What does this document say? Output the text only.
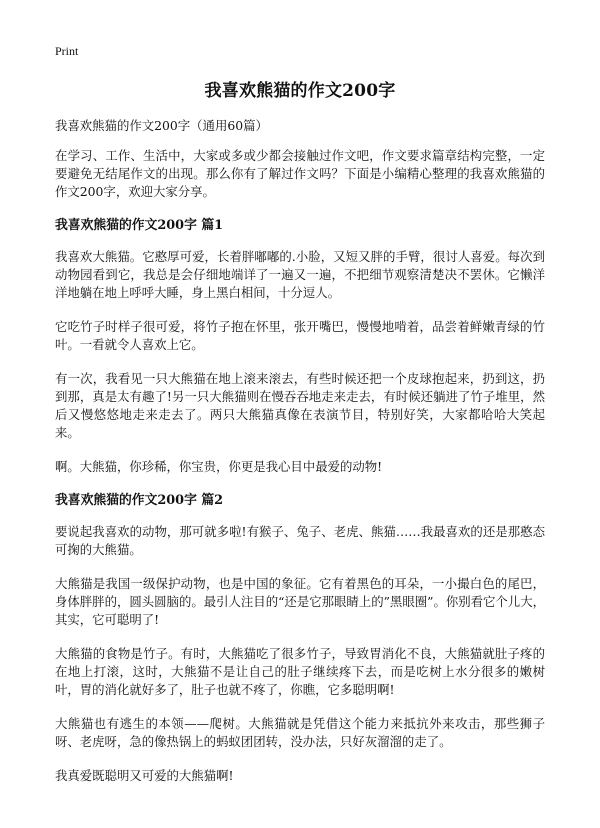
Print
我喜欢熊猫的作文200字
我喜欢熊猫的作文200字（通用60篇）

在学习、工作、生活中，大家或多或少都会接触过作文吧，作文要求篇章结构完整，一定要避免无结尾作文的出现。那么你有了解过作文吗？下面是小编精心整理的我喜欢熊猫的作文200字，欢迎大家分享。

我喜欢熊猫的作文200字 篇1

我喜欢大熊猫。它憨厚可爱，长着胖嘟嘟的.小脸，又短又胖的手臂，很讨人喜爱。每次到动物园看到它，我总是会仔细地端详了一遍又一遍，不把细节观察清楚决不罢休。它懒洋洋地躺在地上呼呼大睡，身上黑白相间，十分逗人。

它吃竹子时样子很可爱，将竹子抱在怀里，张开嘴巴，慢慢地啃着，品尝着鲜嫩青绿的竹叶。一看就令人喜欢上它。

有一次，我看见一只大熊猫在地上滚来滚去，有些时候还把一个皮球抱起来，扔到这，扔到那，真是太有趣了!另一只大熊猫则在慢吞吞地走来走去，有时候还躺进了竹子堆里，然后又慢悠悠地走来走去了。两只大熊猫真像在表演节目，特别好笑，大家都哈哈大笑起来。

啊。大熊猫，你珍稀，你宝贵，你更是我心目中最爱的动物!

我喜欢熊猫的作文200字 篇2

要说起我喜欢的动物，那可就多啦!有猴子、兔子、老虎、熊猫……我最喜欢的还是那憨态可掬的大熊猫。

大熊猫是我国一级保护动物，也是中国的象征。它有着黑色的耳朵，一小撮白色的尾巴，身体胖胖的，圆头圆脑的。最引人注目的“还是它那眼睛上的”黑眼圈”。你别看它个儿大，其实，它可聪明了!

大熊猫的食物是竹子。有时，大熊猫吃了很多竹子，导致胃消化不良，大熊猫就肚子疼的在地上打滚，这时，大熊猫不是让自己的肚子继续疼下去，而是吃树上水分很多的嫩树叶，胃的消化就好多了，肚子也就不疼了，你瞧，它多聪明啊!

大熊猫也有逃生的本领——爬树。大熊猫就是凭借这个能力来抵抗外来攻击，那些狮子呀、老虎呀，急的像热锅上的蚂蚁团团转，没办法，只好灰溜溜的走了。

我真爱既聪明又可爱的大熊猫啊!
